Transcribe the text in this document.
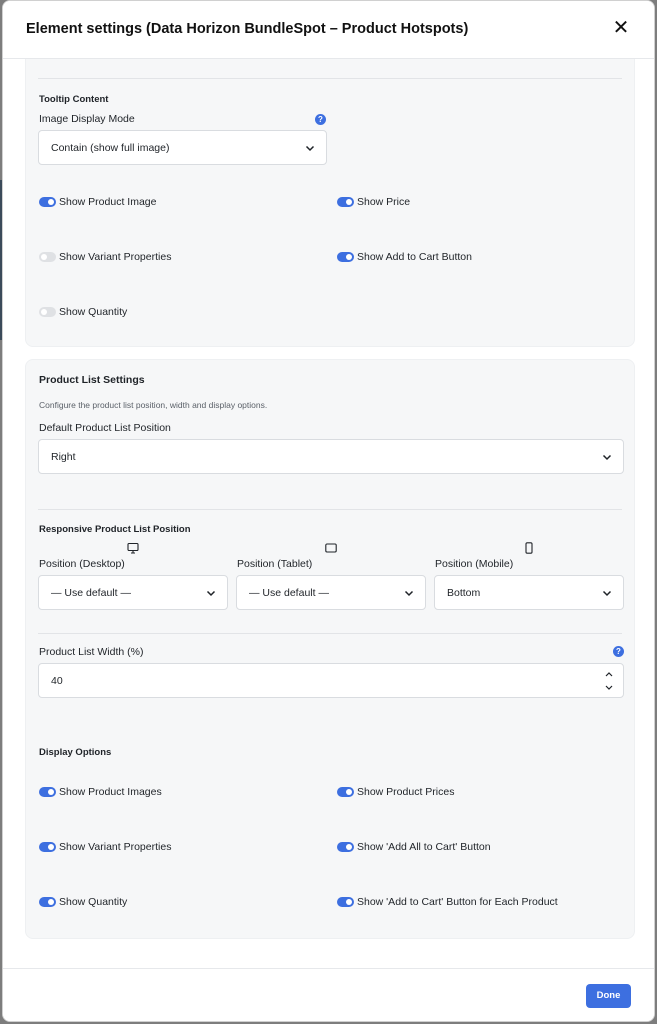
Element settings (Data Horizon BundleSpot – Product Hotspots)	✕
Tooltip Content
Image Display Mode	?
Contain (show full image)
Show Product Image	Show Price
Show Variant Properties	Show Add to Cart Button
Show Quantity
Product List Settings
Configure the product list position, width and display options.
Default Product List Position
Right
Responsive Product List Position
Position (Desktop)	Position (Tablet)	Position (Mobile)
— Use default —	— Use default —	Bottom
Product List Width (%)	?
40
Display Options
Show Product Images	Show Product Prices
Show Variant Properties	Show 'Add All to Cart' Button
Show Quantity	Show 'Add to Cart' Button for Each Product
Done
